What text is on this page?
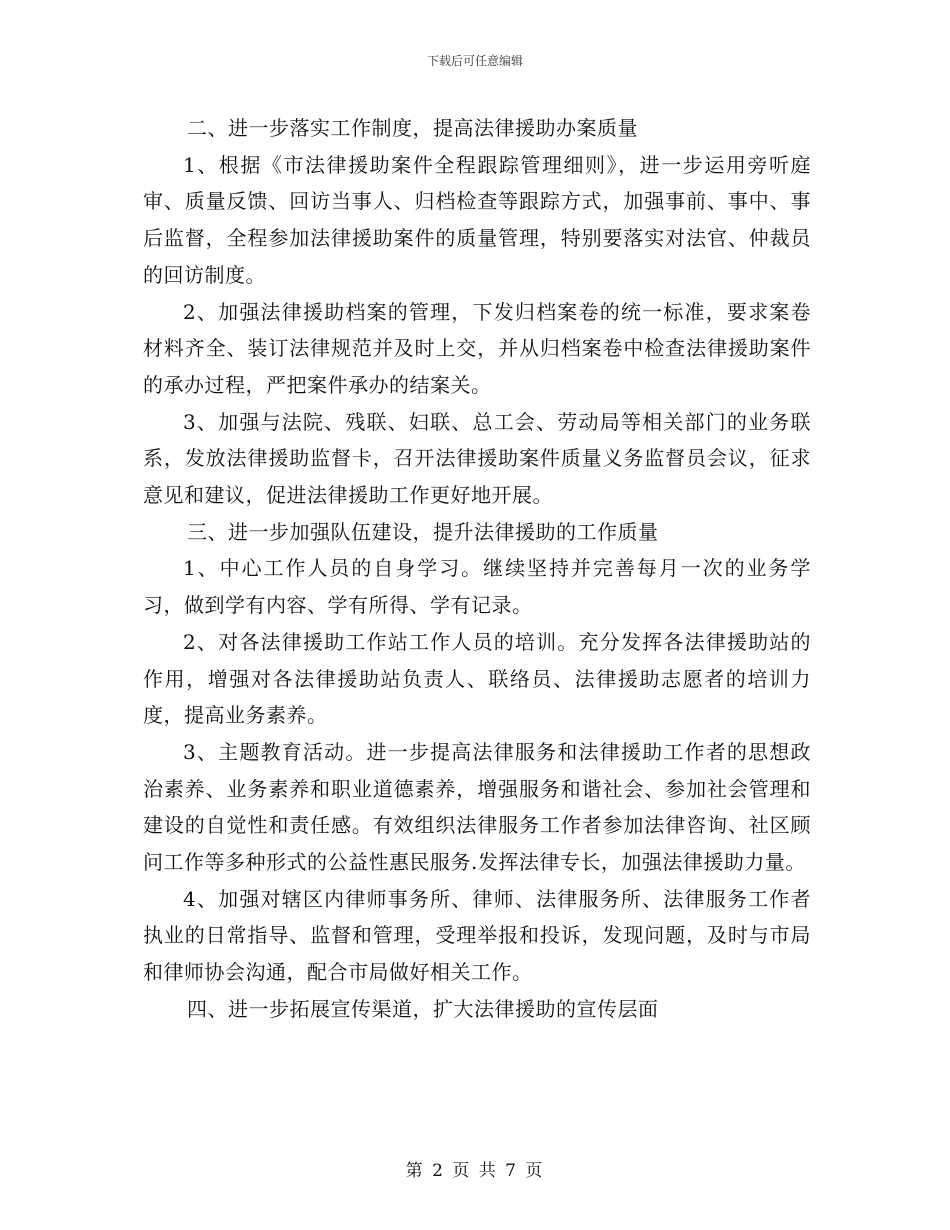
下载后可任意编辑

二、进一步落实工作制度，提高法律援助办案质量

1、根据《市法律援助案件全程跟踪管理细则》，进一步运用旁听庭审、质量反馈、回访当事人、归档检查等跟踪方式，加强事前、事中、事后监督，全程参加法律援助案件的质量管理，特别要落实对法官、仲裁员的回访制度。

2、加强法律援助档案的管理，下发归档案卷的统一标准，要求案卷材料齐全、装订法律规范并及时上交，并从归档案卷中检查法律援助案件的承办过程，严把案件承办的结案关。

3、加强与法院、残联、妇联、总工会、劳动局等相关部门的业务联系，发放法律援助监督卡，召开法律援助案件质量义务监督员会议，征求意见和建议，促进法律援助工作更好地开展。

三、进一步加强队伍建设，提升法律援助的工作质量

1、中心工作人员的自身学习。继续坚持并完善每月一次的业务学习，做到学有内容、学有所得、学有记录。

2、对各法律援助工作站工作人员的培训。充分发挥各法律援助站的作用，增强对各法律援助站负责人、联络员、法律援助志愿者的培训力度，提高业务素养。

3、主题教育活动。进一步提高法律服务和法律援助工作者的思想政治素养、业务素养和职业道德素养，增强服务和谐社会、参加社会管理和建设的自觉性和责任感。有效组织法律服务工作者参加法律咨询、社区顾问工作等多种形式的公益性惠民服务.发挥法律专长，加强法律援助力量。

4、加强对辖区内律师事务所、律师、法律服务所、法律服务工作者执业的日常指导、监督和管理，受理举报和投诉，发现问题，及时与市局和律师协会沟通，配合市局做好相关工作。

四、进一步拓展宣传渠道，扩大法律援助的宣传层面

第 2 页 共 7 页
